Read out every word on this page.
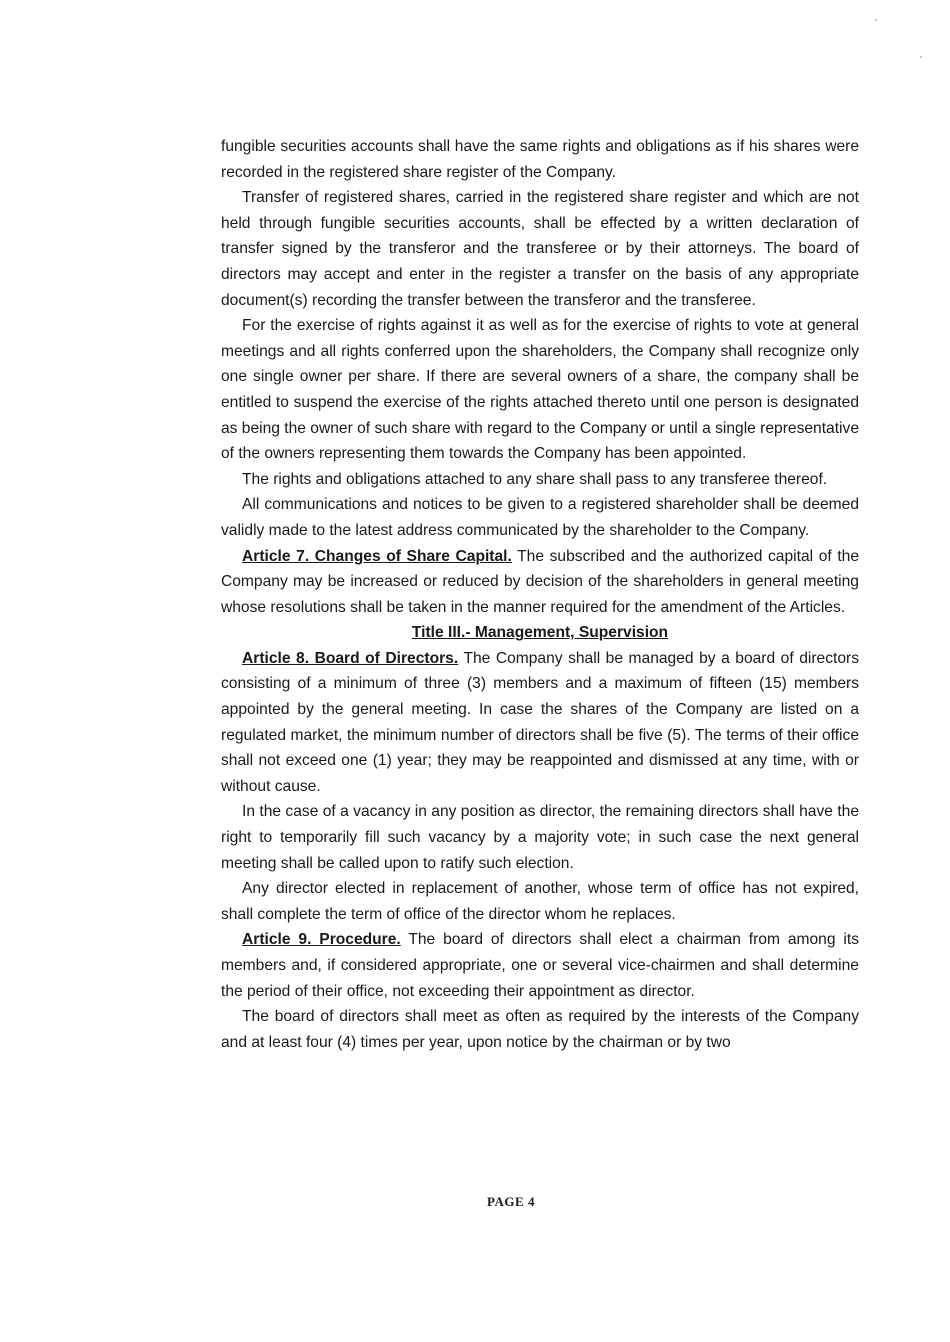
fungible securities accounts shall have the same rights and obligations as if his shares were recorded in the registered share register of the Company.

Transfer of registered shares, carried in the registered share register and which are not held through fungible securities accounts, shall be effected by a written declaration of transfer signed by the transferor and the transferee or by their attorneys. The board of directors may accept and enter in the register a transfer on the basis of any appropriate document(s) recording the transfer between the transferor and the transferee.

For the exercise of rights against it as well as for the exercise of rights to vote at general meetings and all rights conferred upon the shareholders, the Company shall recognize only one single owner per share. If there are several owners of a share, the company shall be entitled to suspend the exercise of the rights attached thereto until one person is designated as being the owner of such share with regard to the Company or until a single representative of the owners representing them towards the Company has been appointed.

The rights and obligations attached to any share shall pass to any transferee thereof.

All communications and notices to be given to a registered shareholder shall be deemed validly made to the latest address communicated by the shareholder to the Company.

Article 7. Changes of Share Capital. The subscribed and the authorized capital of the Company may be increased or reduced by decision of the shareholders in general meeting whose resolutions shall be taken in the manner required for the amendment of the Articles.

Title III.- Management, Supervision

Article 8. Board of Directors. The Company shall be managed by a board of directors consisting of a minimum of three (3) members and a maximum of fifteen (15) members appointed by the general meeting. In case the shares of the Company are listed on a regulated market, the minimum number of directors shall be five (5). The terms of their office shall not exceed one (1) year; they may be reappointed and dismissed at any time, with or without cause.

In the case of a vacancy in any position as director, the remaining directors shall have the right to temporarily fill such vacancy by a majority vote; in such case the next general meeting shall be called upon to ratify such election.

Any director elected in replacement of another, whose term of office has not expired, shall complete the term of office of the director whom he replaces.

Article 9. Procedure. The board of directors shall elect a chairman from among its members and, if considered appropriate, one or several vice-chairmen and shall determine the period of their office, not exceeding their appointment as director.

The board of directors shall meet as often as required by the interests of the Company and at least four (4) times per year, upon notice by the chairman or by two

PAGE 4
